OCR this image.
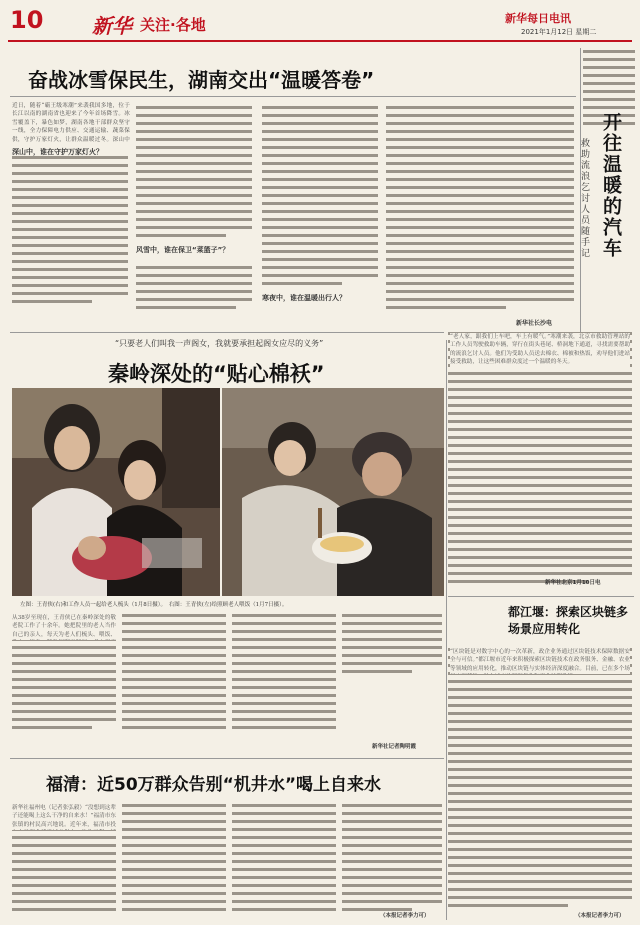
10 新华 关注·各地	新华每日电讯
2021年1月12日 星期二
奋战冰雪保民生，湖南交出“温暖答卷”
近日，随着“霸王级寒潮”来袭我国多地，位于长江以南的湖南省也迎来了今年首场降雪。冰雪覆盖下，暴色如梦，湖南各地干部群众坚守一线，全力保障电力供应、交通运输、蔬菜保供，守护万家灯火，让群众温暖过冬。深山中
深山中，谁在守护万家灯火？
风雪中，谁在保卫“菜篮子”？
寒夜中，谁在温暖出行人？
新华社长沙电
开往温暖的汽车
救助流浪乞讨人员随手记
“老人家，跟我们上车吧，车上有暖气。”寒潮来袭，北京市救助管理站的工作人员驾驶救助车辆，穿行在街头巷尾、桥洞地下通道，寻找需要帮助的流浪乞讨人员。他们为受助人员送去棉衣、棉被和热饭，劝导他们进站接受救助，让这些困难群众度过一个温暖的冬天。
新华社北京1月10日电
“只要老人们叫我一声阁女，我就要承担起阁女应尽的义务”
秦岭深处的“贴心棉袄”
左图：王青侠(右)和工作人员一起给老人梳头（1月8日摄）。　右图：王青侠(左)给照顾老人喂饭（1月7日摄）。
从38岁至现在，王青侠已在秦岭深处的敬老院工作了十余年。她把院里的老人当作自己的亲人，每天为老人们梳头、喂饭、
新华社记者陶明霞
都江堰：探索区块链多场景应用转化
“区块链是对数字中心的一次革新，政企业务通过区块链技术保障数据安全与可信。”都江堰市近年来积极探索区块链技术在政务服务、金融、农业等领域的应用转化，推动区块链与实体经济深度融合。目前，已在多个场
（本报记者李力可）
福清：近50万群众告别“机井水”喝上自来水
新华社福州电（记者张弘毅）“没想到这辈子还能喝上这么干净的自来水！”福清市东张镇的村民高兴地说。近年来，福清市投
（本报记者李力可）
